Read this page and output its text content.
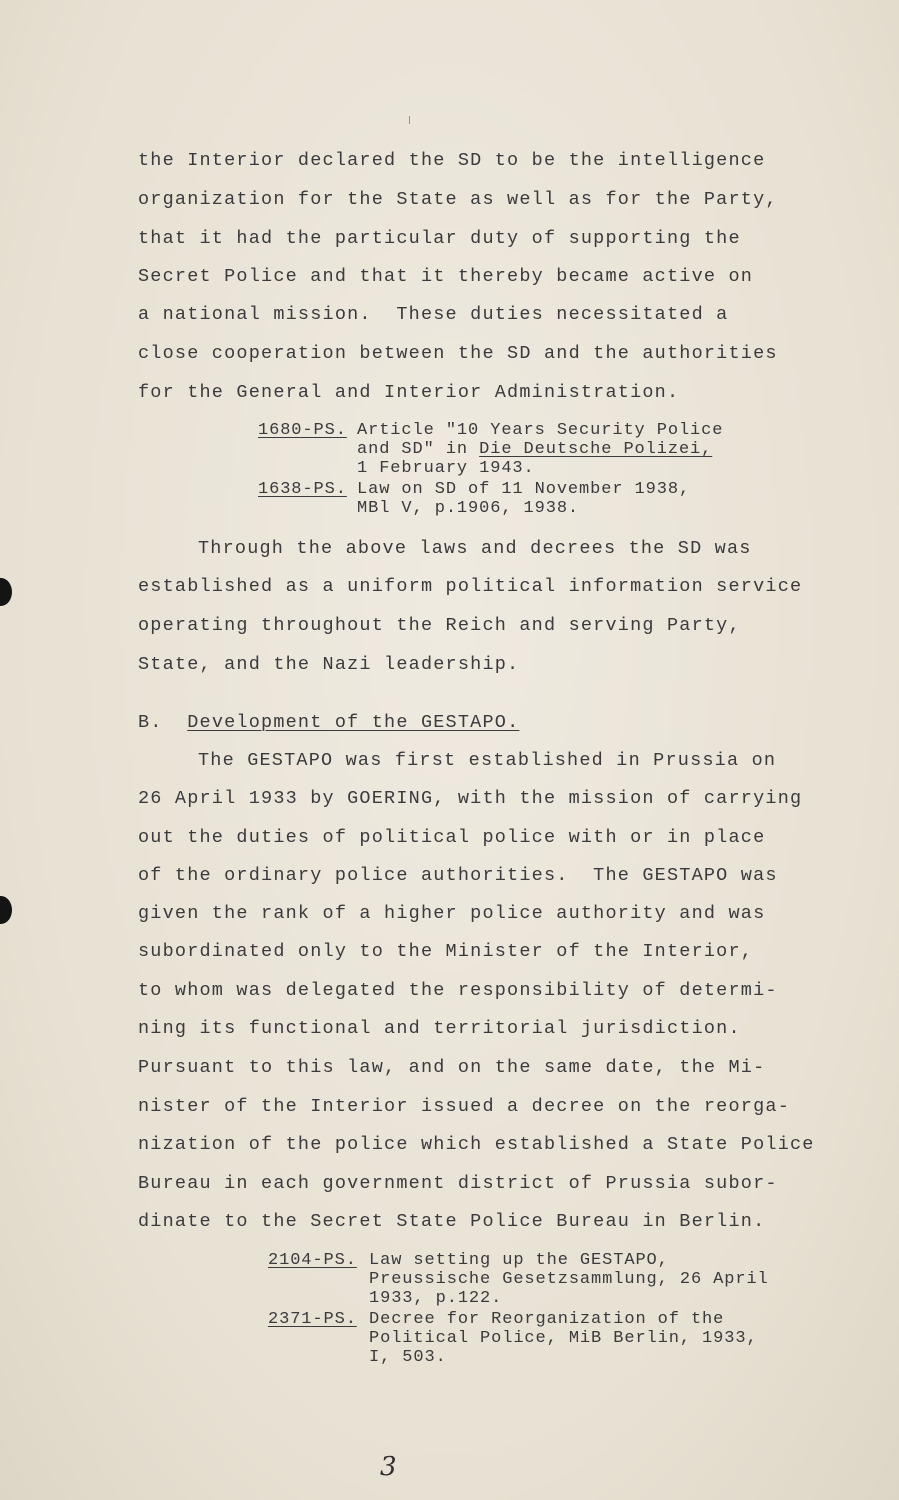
the Interior declared the SD to be the intelligence

organization for the State as well as for the Party,

that it had the particular duty of supporting the

Secret Police and that it thereby became active on

a national mission.  These duties necessitated a

close cooperation between the SD and the authorities

for the General and Interior Administration.

1680-PS. Article "10 Years Security Police

and SD" in Die Deutsche Polizei,

1 February 1943.

1638-PS. Law on SD of 11 November 1938,

MBl V, p.1906, 1938.

Through the above laws and decrees the SD was

established as a uniform political information service

operating throughout the Reich and serving Party,

State, and the Nazi leadership.

B. Development of the GESTAPO.

The GESTAPO was first established in Prussia on

26 April 1933 by GOERING, with the mission of carrying

out the duties of political police with or in place

of the ordinary police authorities.  The GESTAPO was

given the rank of a higher police authority and was

subordinated only to the Minister of the Interior,

to whom was delegated the responsibility of determi-

ning its functional and territorial jurisdiction.

Pursuant to this law, and on the same date, the Mi-

nister of the Interior issued a decree on the reorga-

nization of the police which established a State Police

Bureau in each government district of Prussia subor-

dinate to the Secret State Police Bureau in Berlin.

2104-PS. Law setting up the GESTAPO,

Preussische Gesetzsammlung, 26 April

1933, p.122.

2371-PS. Decree for Reorganization of the

Political Police, MiB Berlin, 1933,

I, 503.

3
